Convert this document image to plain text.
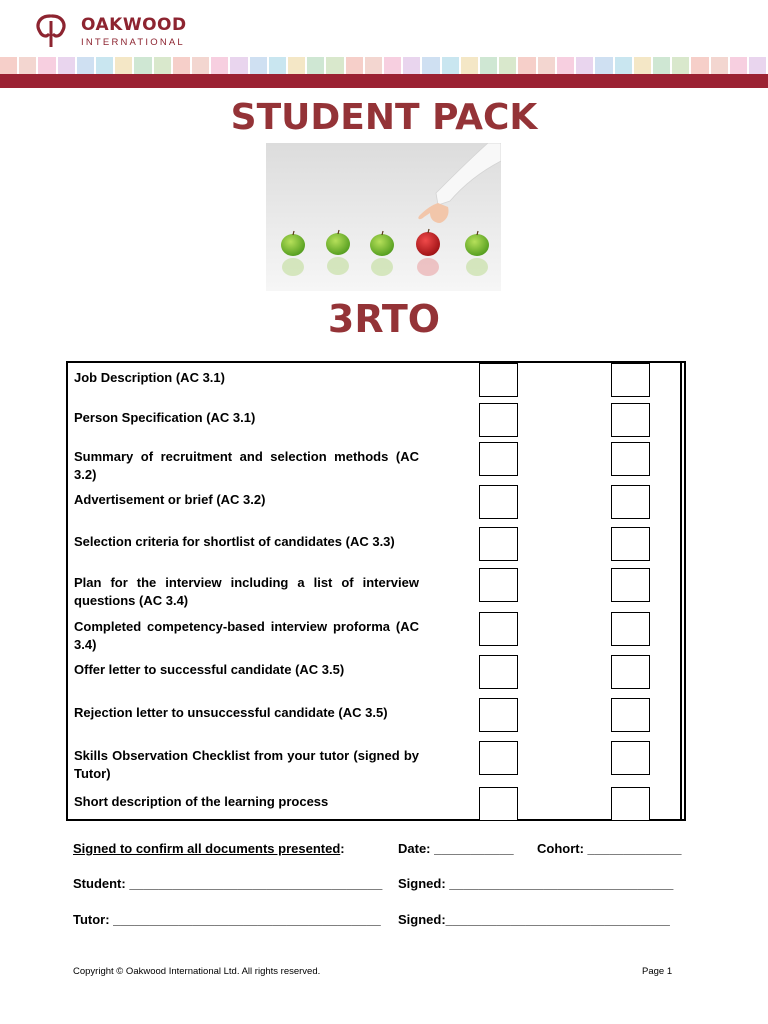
OAKWOOD
INTERNATIONAL
STUDENT PACK
3RTO
Job Description (AC 3.1)
Person Specification (AC 3.1)
Summary of recruitment and selection methods (AC 3.2)
Advertisement or brief (AC 3.2)
Selection criteria for shortlist of candidates (AC 3.3)
Plan for the interview including a list of interview questions (AC 3.4)
Completed competency-based interview proforma (AC 3.4)
Offer letter to successful candidate (AC 3.5)
Rejection letter to unsuccessful candidate (AC 3.5)
Skills Observation Checklist from your tutor (signed by Tutor)
Short description of the learning process
Signed to confirm all documents presented:	Date: ___________ Cohort: _____________
Student: ___________________________________ Signed: _______________________________
Tutor: _____________________________________ Signed:_______________________________
Copyright © Oakwood International Ltd. All rights reserved.	Page 1
